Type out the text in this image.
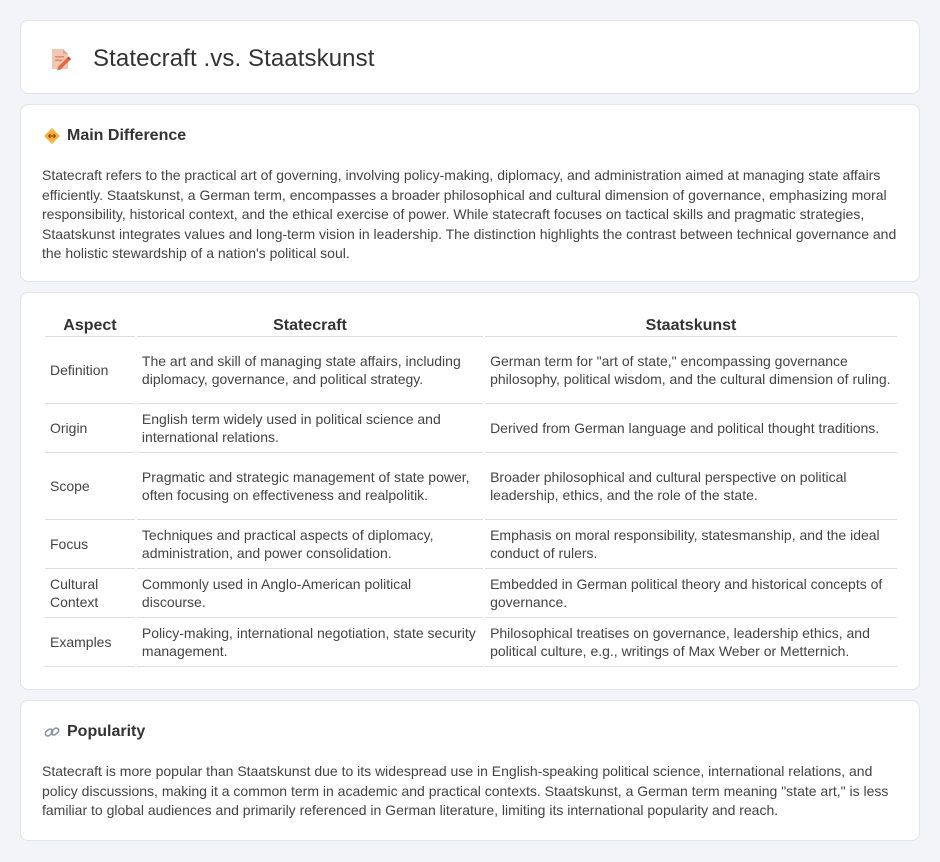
Statecraft .vs. Staatskunst
Main Difference

Statecraft refers to the practical art of governing, involving policy-making, diplomacy, and administration aimed at managing state affairs efficiently. Staatskunst, a German term, encompasses a broader philosophical and cultural dimension of governance, emphasizing moral responsibility, historical context, and the ethical exercise of power. While statecraft focuses on tactical skills and pragmatic strategies, Staatskunst integrates values and long-term vision in leadership. The distinction highlights the contrast between technical governance and the holistic stewardship of a nation's political soul.

Aspect	Statecraft	Staatskunst
Definition	The art and skill of managing state affairs, including diplomacy, governance, and political strategy.	German term for "art of state," encompassing governance philosophy, political wisdom, and the cultural dimension of ruling.
Origin	English term widely used in political science and international relations.	Derived from German language and political thought traditions.
Scope	Pragmatic and strategic management of state power, often focusing on effectiveness and realpolitik.	Broader philosophical and cultural perspective on political leadership, ethics, and the role of the state.
Focus	Techniques and practical aspects of diplomacy, administration, and power consolidation.	Emphasis on moral responsibility, statesmanship, and the ideal conduct of rulers.
Cultural Context	Commonly used in Anglo-American political discourse.	Embedded in German political theory and historical concepts of governance.
Examples	Policy-making, international negotiation, state security management.	Philosophical treatises on governance, leadership ethics, and political culture, e.g., writings of Max Weber or Metternich.
Popularity

Statecraft is more popular than Staatskunst due to its widespread use in English-speaking political science, international relations, and policy discussions, making it a common term in academic and practical contexts. Staatskunst, a German term meaning "state art," is less familiar to global audiences and primarily referenced in German literature, limiting its international popularity and reach.
